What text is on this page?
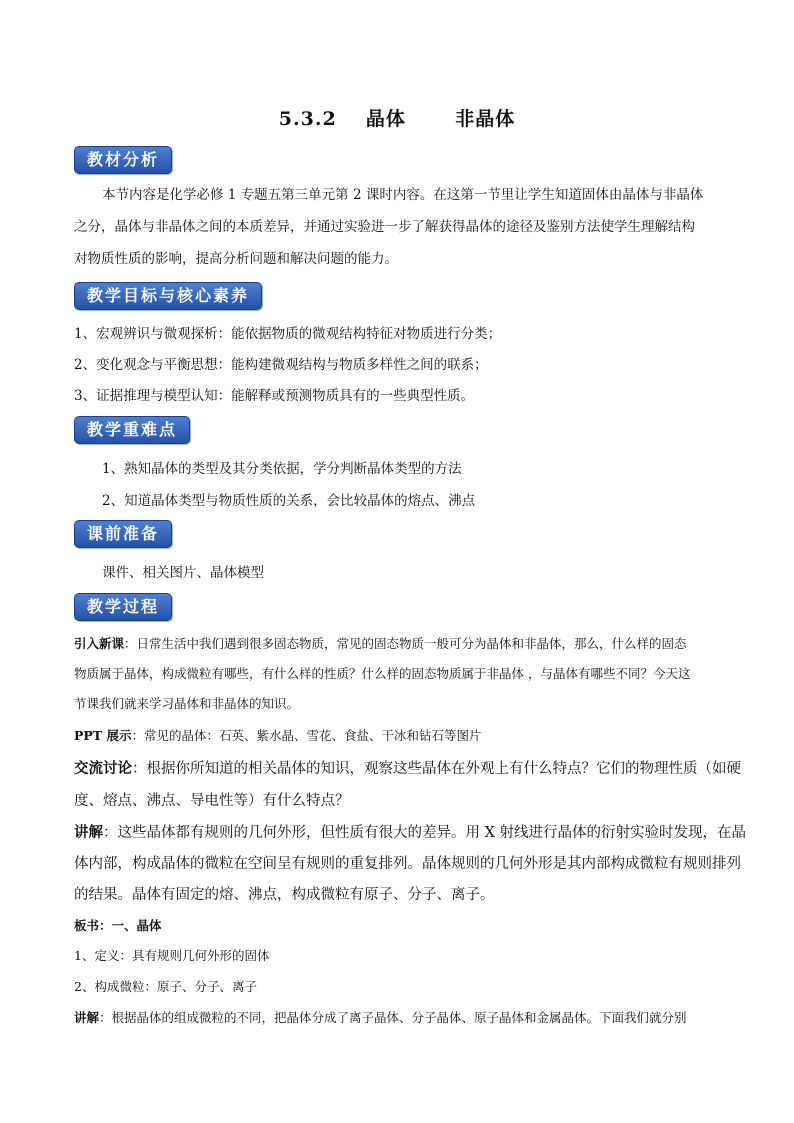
5.3.2 晶体	非晶体
教材分析
本节内容是化学必修 1 专题五第三单元第 2 课时内容。在这第一节里让学生知道固体由晶体与非晶体
之分，晶体与非晶体之间的本质差异，并通过实验进一步了解获得晶体的途径及鉴别方法使学生理解结构
对物质性质的影响，提高分析问题和解决问题的能力。
教学目标与核心素养
1、宏观辨识与微观探析：能依据物质的微观结构特征对物质进行分类；
2、变化观念与平衡思想：能构建微观结构与物质多样性之间的联系；
3、证据推理与模型认知：能解释或预测物质具有的一些典型性质。
教学重难点
1、熟知晶体的类型及其分类依据，学分判断晶体类型的方法
2、知道晶体类型与物质性质的关系，会比较晶体的熔点、沸点
课前准备
课件、相关图片、晶体模型
教学过程
引入新课：日常生活中我们遇到很多固态物质，常见的固态物质一般可分为晶体和非晶体，那么，什么样的固态
物质属于晶体，构成微粒有哪些，有什么样的性质？什么样的固态物质属于非晶体 ，与晶体有哪些不同？今天这
节课我们就来学习晶体和非晶体的知识。
PPT 展示：常见的晶体：石英、紫水晶、雪花、食盐、干冰和钻石等图片
交流讨论：根据你所知道的相关晶体的知识，观察这些晶体在外观上有什么特点？它们的物理性质（如硬
度、熔点、沸点、导电性等）有什么特点？
讲解：这些晶体都有规则的几何外形，但性质有很大的差异。用 X 射线进行晶体的衍射实验时发现，在晶
体内部，构成晶体的微粒在空间呈有规则的重复排列。晶体规则的几何外形是其内部构成微粒有规则排列
的结果。晶体有固定的熔、沸点，构成微粒有原子、分子、离子。
板书：一、晶体
1、定义：具有规则几何外形的固体
2、构成微粒：原子、分子、离子
讲解：根据晶体的组成微粒的不同，把晶体分成了离子晶体、分子晶体、原子晶体和金属晶体。下面我们就分别
